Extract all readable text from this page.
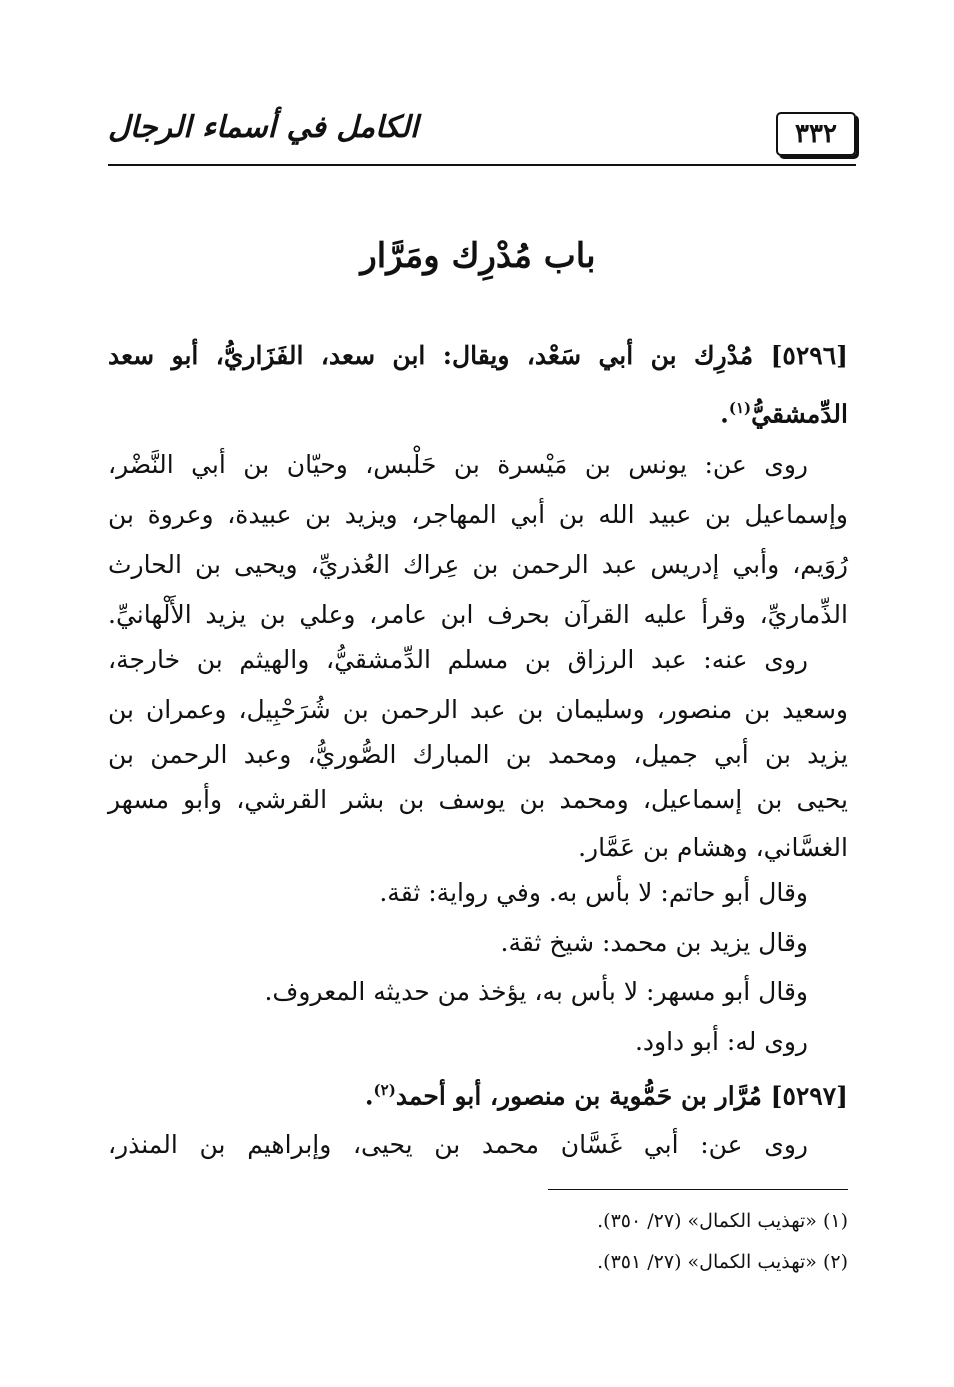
٣٣٢
الكامل في أسماء الرجال
باب مُدْرِك ومَرَّار
[٥٢٩٦] مُدْرِك بن أبي سَعْد، ويقال: ابن سعد، الفَزَاريُّ، أبو سعد
الدِّمشقيُّ$^{(١)}$.
روى عن: يونس بن مَيْسرة بن حَلْبس، وحيّان بن أبي النَّضْر،
وإسماعيل بن عبيد الله بن أبي المهاجر، ويزيد بن عبيدة، وعروة بن
رُوَيم، وأبي إدريس عبد الرحمن بن عِراك العُذريِّ، ويحيى بن الحارث
الذِّماريِّ، وقرأ عليه القرآن بحرف ابن عامر، وعلي بن يزيد الأَلْهانيِّ.
روى عنه: عبد الرزاق بن مسلم الدِّمشقيُّ، والهيثم بن خارجة،
وسعيد بن منصور، وسليمان بن عبد الرحمن بن شُرَحْبِيل، وعمران بن
يزيد بن أبي جميل، ومحمد بن المبارك الصُّوريُّ، وعبد الرحمن بن
يحيى بن إسماعيل، ومحمد بن يوسف بن بشر القرشي، وأبو مسهر
الغسَّاني، وهشام بن عَمَّار.
وقال أبو حاتم: لا بأس به. وفي رواية: ثقة.
وقال يزيد بن محمد: شيخ ثقة.
وقال أبو مسهر: لا بأس به، يؤخذ من حديثه المعروف.
روى له: أبو داود.
[٥٢٩٧] مُرَّار بن حَمُّوية بن منصور، أبو أحمد$^{(٢)}$.
روى عن: أبي غَسَّان محمد بن يحيى، وإبراهيم بن المنذر،
(١) «تهذيب الكمال» (٢٧/ ٣٥٠).
(٢) «تهذيب الكمال» (٢٧/ ٣٥١).
